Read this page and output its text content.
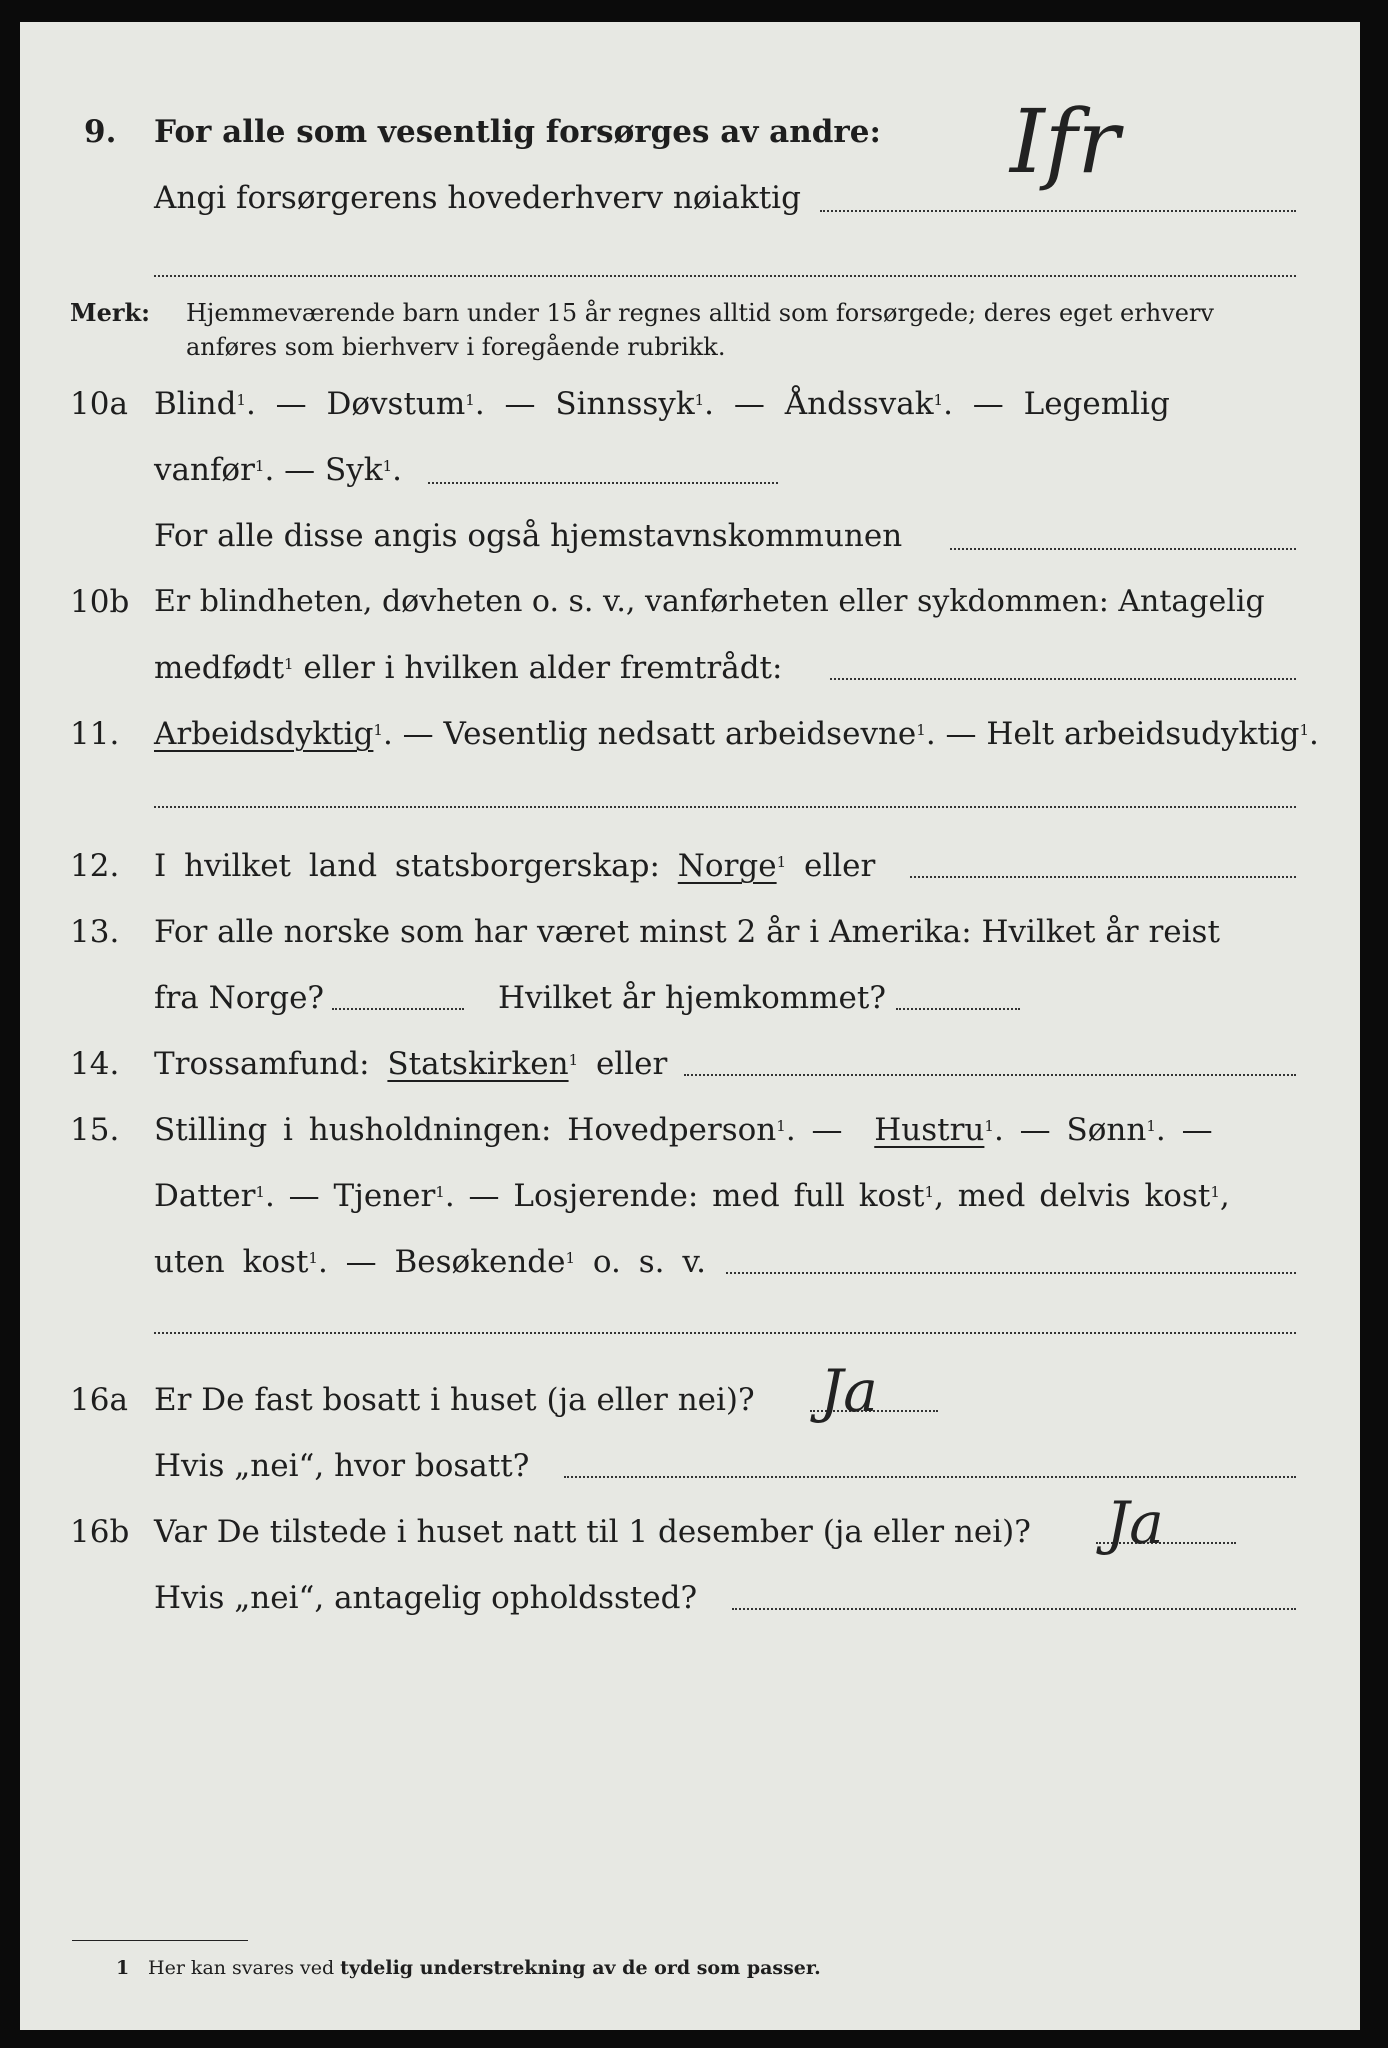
9. For alle som vesentlig forsørges av andre:
Angi forsørgerens hovederhverv nøiaktig
Ifr
Merk: Hjemmeværende barn under 15 år regnes alltid som forsørgede; deres eget erhverv
anføres som bierhverv i foregående rubrikk.
10a Blind$^1$. — Døvstum$^1$. — Sinnssyk$^1$. — Åndssvak$^1$. — Legemlig
vanfør$^1$. — Syk$^1$.
For alle disse angis også hjemstavnskommunen
10b Er blindheten, døvheten o. s. v., vanførheten eller sykdommen: Antagelig
medfødt$^1$ eller i hvilken alder fremtrådt:
11. Arbeidsdyktig$^1$. — Vesentlig nedsatt arbeidsevne$^1$. — Helt arbeidsudyktig$^1$.
12. I hvilket land statsborgerskap: Norge$^1$ eller
13. For alle norske som har været minst 2 år i Amerika: Hvilket år reist
fra Norge?	Hvilket år hjemkommet?
14. Trossamfund: Statskirken$^1$ eller
15. Stilling i husholdningen: Hovedperson$^1$. — Hustru$^1$. — Sønn$^1$. —
Datter$^1$. — Tjener$^1$. — Losjerende: med full kost$^1$, med delvis kost$^1$,
uten kost$^1$. — Besøkende$^1$ o. s. v.
16a Er De fast bosatt i huset (ja eller nei)? Ja
Hvis „nei“, hvor bosatt?
16b Var De tilstede i huset natt til 1 desember (ja eller nei)? Ja
Hvis „nei“, antagelig opholdssted?
1 Her kan svares ved tydelig understrekning av de ord som passer.
